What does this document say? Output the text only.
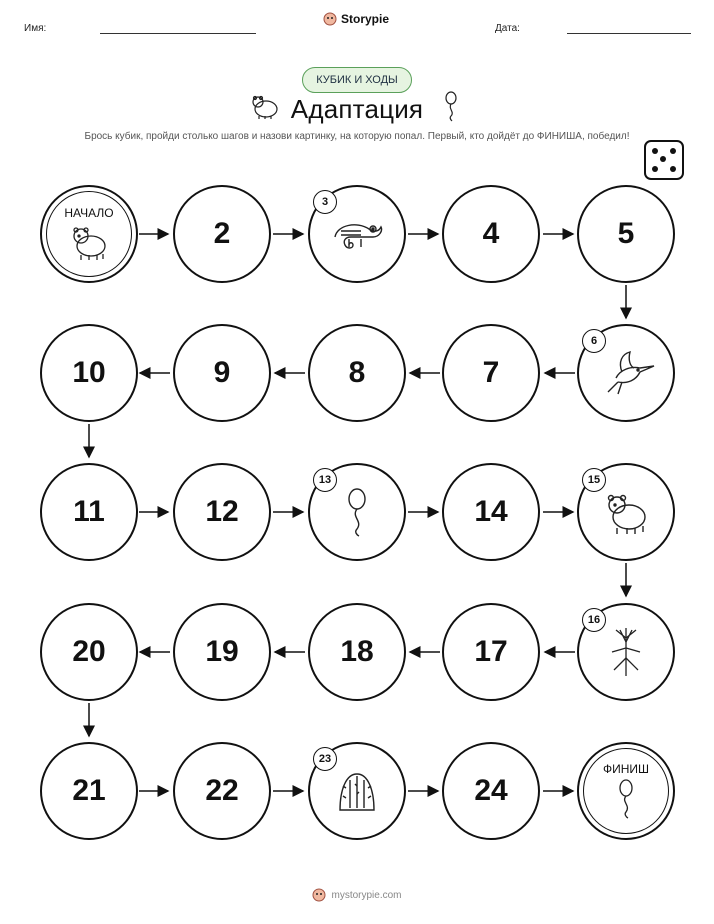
Имя:
Storypie
Дата:
КУБИК И ХОДЫ
Адаптация
Брось кубик, пройди столько шагов и назови картинку, на которую попал. Первый, кто дойдёт до ФИНИША, победил!
НАЧАЛО
2
3
4	5
10	9	8	7
6
11	12
13
14
15
20	19	18	17
16
21	22
23
24
ФИНИШ
mystorypie.com
